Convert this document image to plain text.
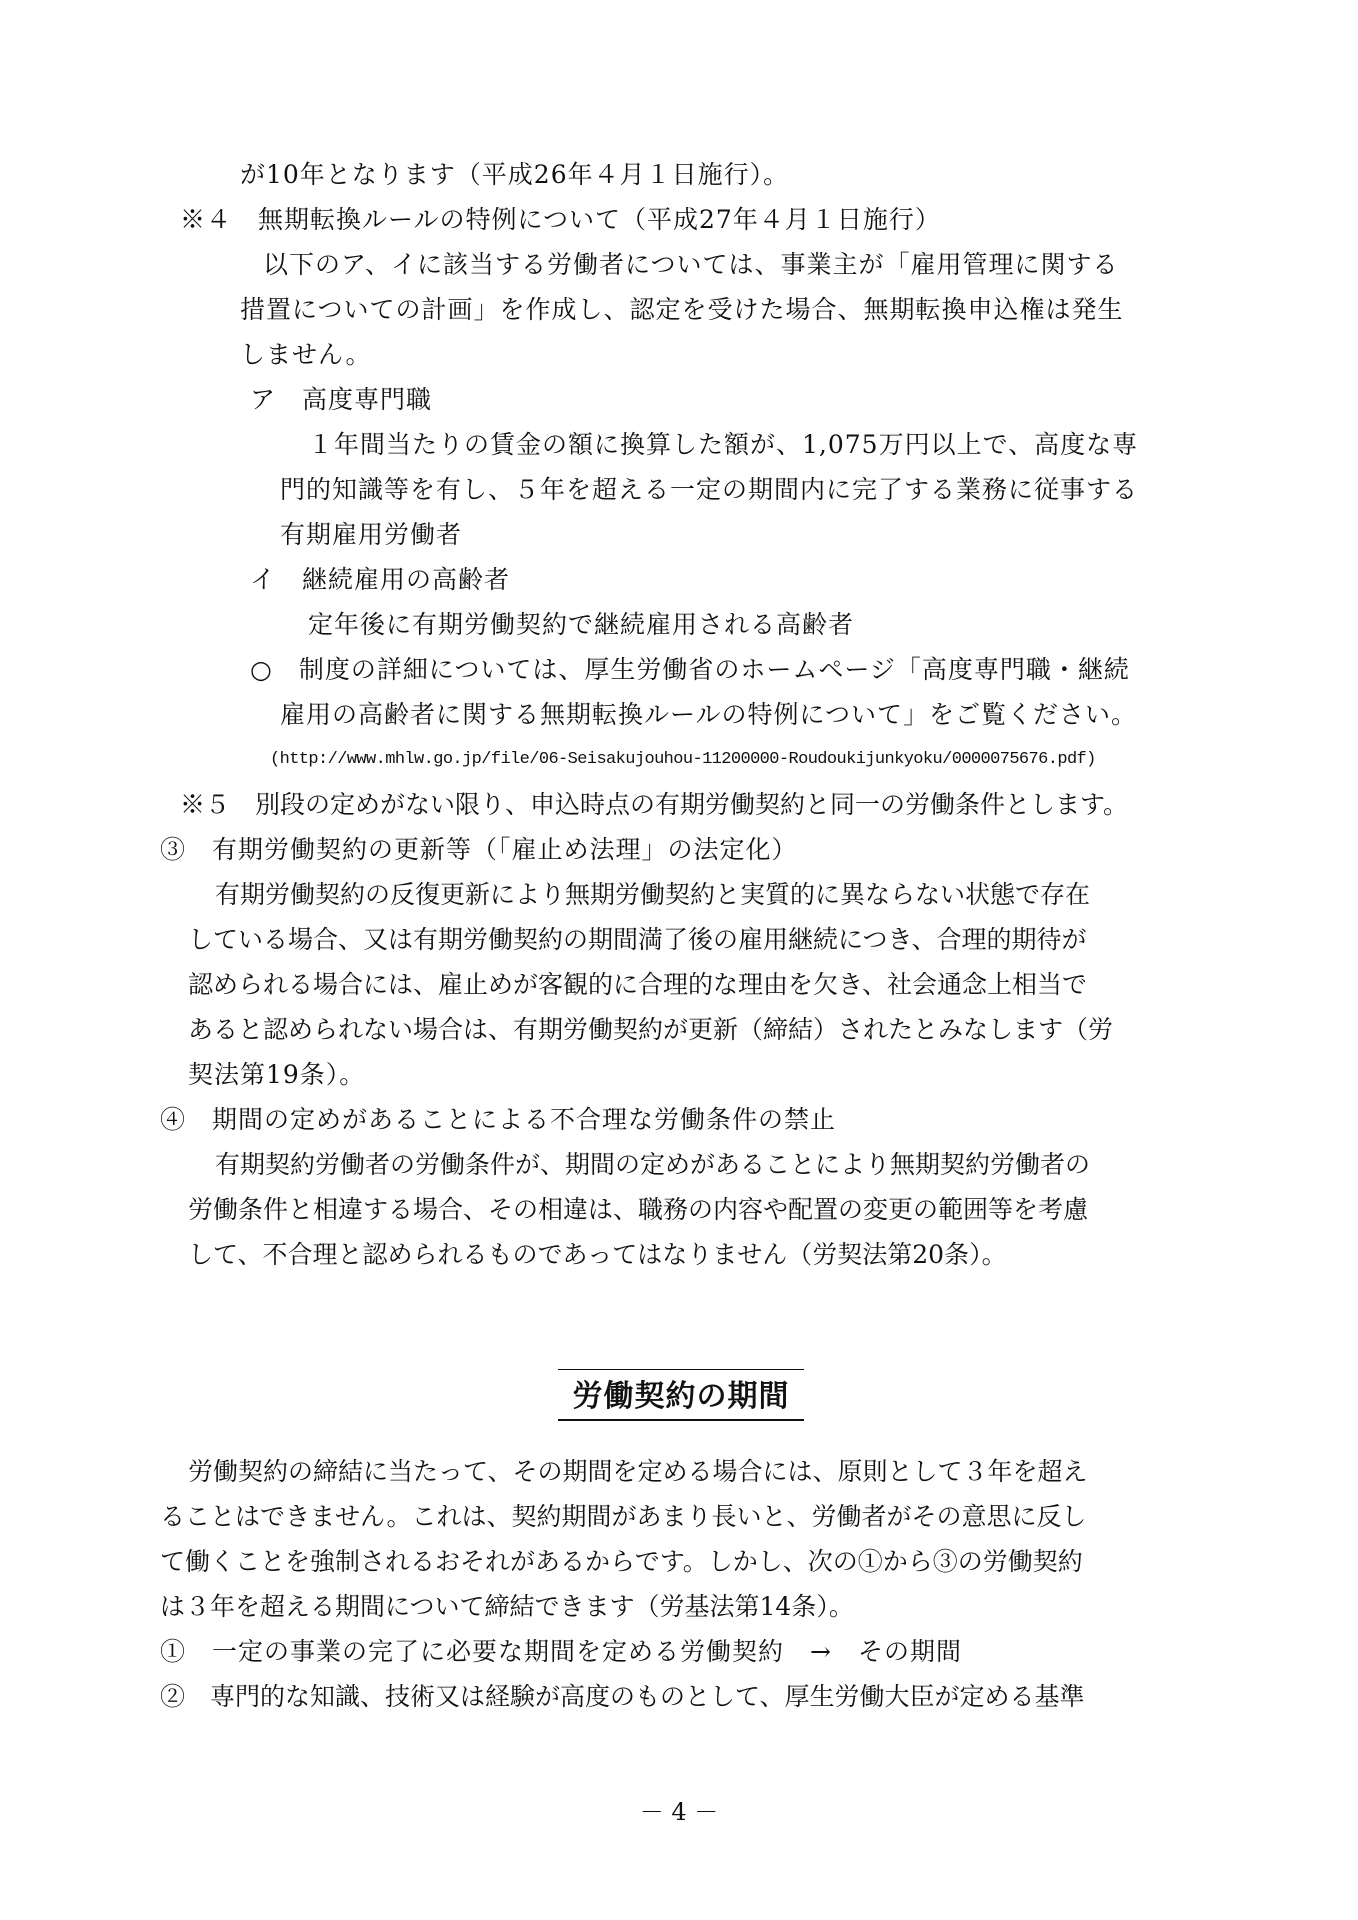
が10年となります（平成26年４月１日施行）。
※４　無期転換ルールの特例について（平成27年４月１日施行）
以下のア、イに該当する労働者については、事業主が「雇用管理に関する
措置についての計画」を作成し、認定を受けた場合、無期転換申込権は発生
しません。
ア　高度専門職
１年間当たりの賃金の額に換算した額が、1,075万円以上で、高度な専
門的知識等を有し、５年を超える一定の期間内に完了する業務に従事する
有期雇用労働者
イ　継続雇用の高齢者
定年後に有期労働契約で継続雇用される高齢者
○　制度の詳細については、厚生労働省のホームページ「高度専門職・継続
雇用の高齢者に関する無期転換ルールの特例について」をご覧ください。
(http://www.mhlw.go.jp/file/06-Seisakujouhou-11200000-Roudoukijunkyoku/0000075676.pdf)
※５　別段の定めがない限り、申込時点の有期労働契約と同一の労働条件とします。
③　有期労働契約の更新等（「雇止め法理」の法定化）
有期労働契約の反復更新により無期労働契約と実質的に異ならない状態で存在
している場合、又は有期労働契約の期間満了後の雇用継続につき、合理的期待が
認められる場合には、雇止めが客観的に合理的な理由を欠き、社会通念上相当で
あると認められない場合は、有期労働契約が更新（締結）されたとみなします（労
契法第19条）。
④　期間の定めがあることによる不合理な労働条件の禁止
有期契約労働者の労働条件が、期間の定めがあることにより無期契約労働者の
労働条件と相違する場合、その相違は、職務の内容や配置の変更の範囲等を考慮
して、不合理と認められるものであってはなりません（労契法第20条）。
労働契約の期間
労働契約の締結に当たって、その期間を定める場合には、原則として３年を超え
ることはできません。これは、契約期間があまり長いと、労働者がその意思に反し
て働くことを強制されるおそれがあるからです。しかし、次の①から③の労働契約
は３年を超える期間について締結できます（労基法第14条）。
①　一定の事業の完了に必要な期間を定める労働契約　→　その期間
②　専門的な知識、技術又は経験が高度のものとして、厚生労働大臣が定める基準
－ 4 －
